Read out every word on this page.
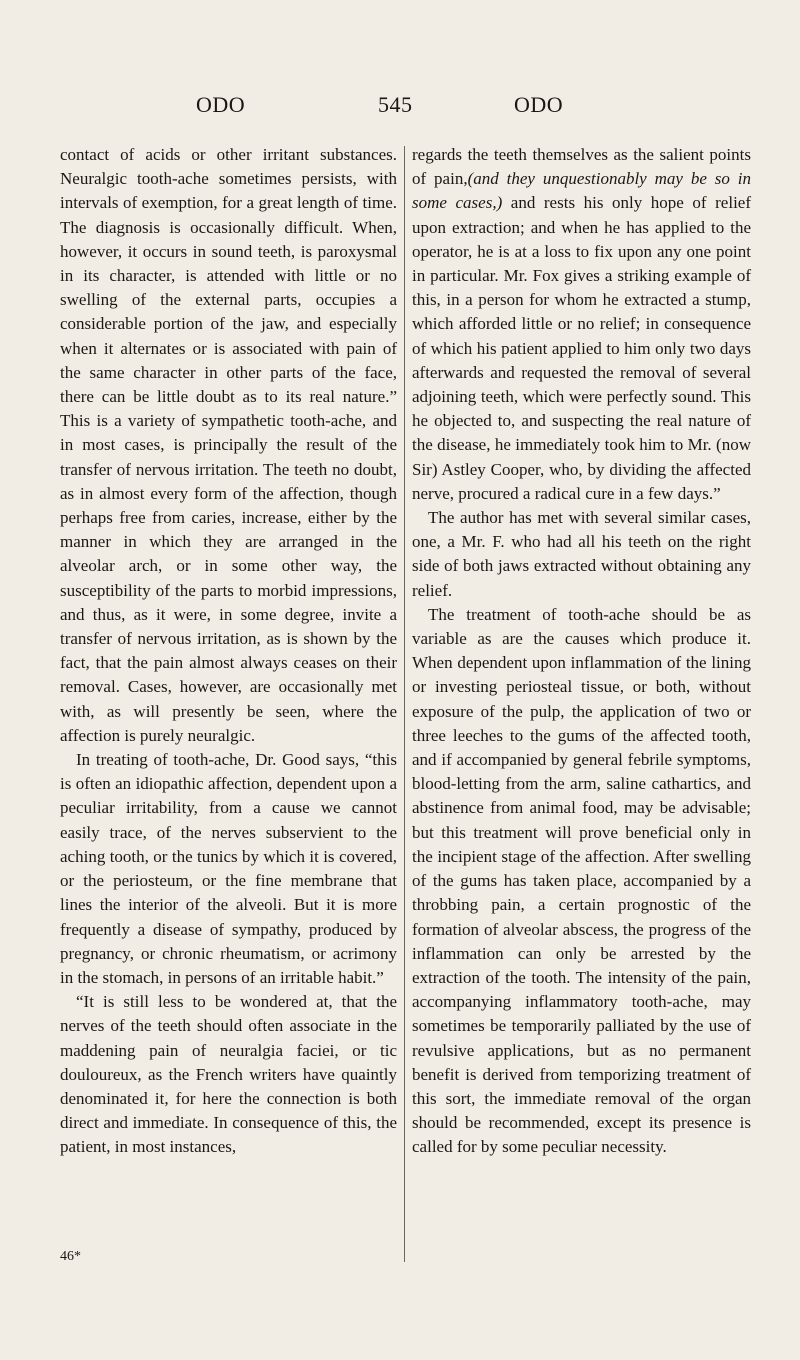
ODO	545	ODO

contact of acids or other irritant substances. Neuralgic tooth-ache sometimes persists, with intervals of exemption, for a great length of time. The diagnosis is occasionally difficult. When, however, it occurs in sound teeth, is paroxysmal in its character, is attended with little or no swelling of the external parts, occupies a considerable portion of the jaw, and especially when it alternates or is associated with pain of the same character in other parts of the face, there can be little doubt as to its real nature.” This is a variety of sympathetic tooth-ache, and in most cases, is principally the result of the transfer of nervous irritation. The teeth no doubt, as in almost every form of the affection, though perhaps free from caries, increase, either by the manner in which they are arranged in the alveolar arch, or in some other way, the susceptibility of the parts to morbid impressions, and thus, as it were, in some degree, invite a transfer of nervous irritation, as is shown by the fact, that the pain almost always ceases on their removal. Cases, however, are occasionally met with, as will presently be seen, where the affection is purely neuralgic.

In treating of tooth-ache, Dr. Good says, “this is often an idiopathic affection, dependent upon a peculiar irritability, from a cause we cannot easily trace, of the nerves subservient to the aching tooth, or the tunics by which it is covered, or the periosteum, or the fine membrane that lines the interior of the alveoli. But it is more frequently a disease of sympathy, produced by pregnancy, or chronic rheumatism, or acrimony in the stomach, in persons of an irritable habit.”

“It is still less to be wondered at, that the nerves of the teeth should often associate in the maddening pain of neuralgia faciei, or tic douloureux, as the French writers have quaintly denominated it, for here the connection is both direct and immediate. In consequence of this, the patient, in most instances,

regards the teeth themselves as the salient points of pain,(and they unquestionably may be so in some cases,) and rests his only hope of relief upon extraction; and when he has applied to the operator, he is at a loss to fix upon any one point in particular. Mr. Fox gives a striking example of this, in a person for whom he extracted a stump, which afforded little or no relief; in consequence of which his patient applied to him only two days afterwards and requested the removal of several adjoining teeth, which were perfectly sound. This he objected to, and suspecting the real nature of the disease, he immediately took him to Mr. (now Sir) Astley Cooper, who, by dividing the affected nerve, procured a radical cure in a few days.”

The author has met with several similar cases, one, a Mr. F. who had all his teeth on the right side of both jaws extracted without obtaining any relief.

The treatment of tooth-ache should be as variable as are the causes which produce it. When dependent upon inflammation of the lining or investing periosteal tissue, or both, without exposure of the pulp, the application of two or three leeches to the gums of the affected tooth, and if accompanied by general febrile symptoms, blood-letting from the arm, saline cathartics, and abstinence from animal food, may be advisable; but this treatment will prove beneficial only in the incipient stage of the affection. After swelling of the gums has taken place, accompanied by a throbbing pain, a certain prognostic of the formation of alveolar abscess, the progress of the inflammation can only be arrested by the extraction of the tooth. The intensity of the pain, accompanying inflammatory tooth-ache, may sometimes be temporarily palliated by the use of revulsive applications, but as no permanent benefit is derived from temporizing treatment of this sort, the immediate removal of the organ should be recommended, except its presence is called for by some peculiar necessity.

46*
